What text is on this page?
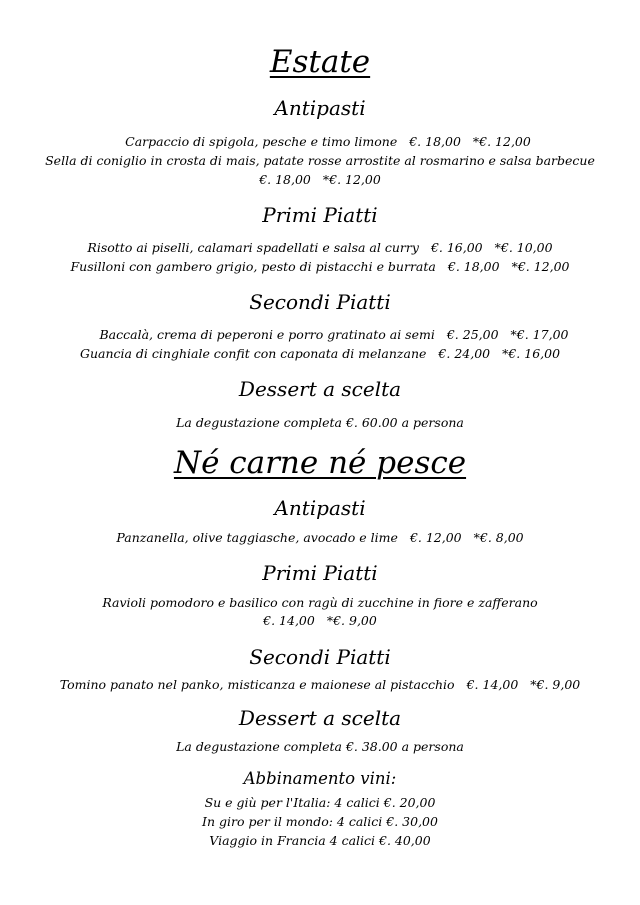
Estate
Antipasti
Carpaccio di spigola, pesche e timo limone €. 18,00 *€. 12,00
Sella di coniglio in crosta di mais, patate rosse arrostite al rosmarino e salsa barbecue
€. 18,00 *€. 12,00
Primi Piatti
Risotto ai piselli, calamari spadellati e salsa al curry €. 16,00 *€. 10,00
Fusilloni con gambero grigio, pesto di pistacchi e burrata €. 18,00 *€. 12,00
Secondi Piatti
Baccalà, crema di peperoni e porro gratinato ai semi €. 25,00 *€. 17,00
Guancia di cinghiale confit con caponata di melanzane €. 24,00 *€. 16,00
Dessert a scelta
La degustazione completa €. 60.00 a persona
Né carne né pesce
Antipasti
Panzanella, olive taggiasche, avocado e lime €. 12,00 *€. 8,00
Primi Piatti
Ravioli pomodoro e basilico con ragù di zucchine in fiore e zafferano
€. 14,00 *€. 9,00
Secondi Piatti
Tomino panato nel panko, misticanza e maionese al pistacchio €. 14,00 *€. 9,00
Dessert a scelta
La degustazione completa €. 38.00 a persona
Abbinamento vini:
Su e giù per l'Italia: 4 calici €. 20,00
In giro per il mondo: 4 calici €. 30,00
Viaggio in Francia 4 calici €. 40,00
